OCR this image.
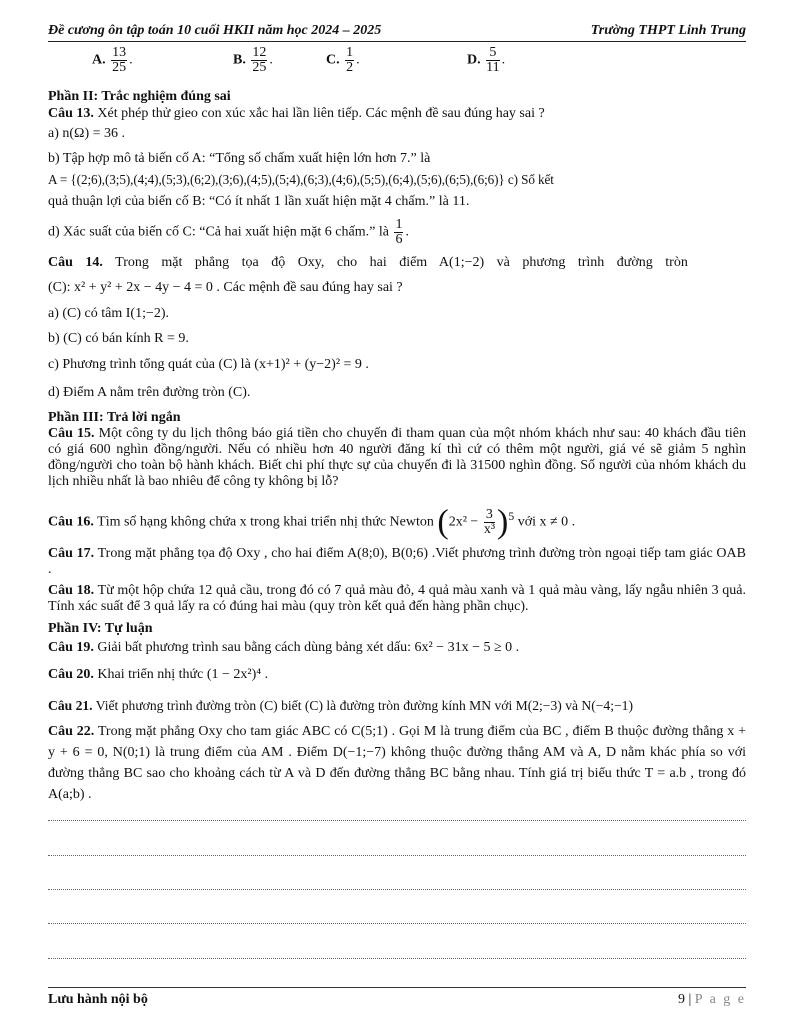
Đề cương ôn tập toán 10 cuối HKII năm học 2024 – 2025	Trường THPT Linh Trung
A. $\frac{13}{25}$ .	B. $\frac{12}{25}$ .	C. $\frac{1}{2}$ .	D. $\frac{5}{11}$ .
Phần II: Trắc nghiệm đúng sai
Câu 13. Xét phép thử gieo con xúc xắc hai lần liên tiếp. Các mệnh đề sau đúng hay sai ?
a) n(Ω) = 36 .
b) Tập hợp mô tả biến cố A: “Tổng số chấm xuất hiện lớn hơn 7.” là
A = {(2;6),(3;5),(4;4),(5;3),(6;2),(3;6),(4;5),(5;4),(6;3),(4;6),(5;5),(6;4),(5;6),(6;5),(6;6)} c) Số kết
quả thuận lợi của biến cố B: “Có ít nhất 1 lần xuất hiện mặt 4 chấm.” là 11.
d) Xác suất của biến cố C: “Cả hai xuất hiện mặt 6 chấm.” là $\frac{1}{6}$ .
Câu 14. Trong mặt phẳng tọa độ Oxy, cho hai điểm A(1;−2) và phương trình đường tròn
(C): x² + y² + 2x − 4y − 4 = 0 . Các mệnh đề sau đúng hay sai ?
a) (C) có tâm I(1;−2).
b) (C) có bán kính R = 9.
c) Phương trình tổng quát của (C) là (x+1)² + (y−2)² = 9 .
d) Điểm A nằm trên đường tròn (C).
Phần III: Trả lời ngắn
Câu 15. Một công ty du lịch thông báo giá tiền cho chuyến đi tham quan của một nhóm khách như sau: 40 khách đầu tiên có giá 600 nghìn đồng/người. Nếu có nhiều hơn 40 người đăng kí thì cứ có thêm một người, giá vé sẽ giảm 5 nghìn đồng/người cho toàn bộ hành khách. Biết chi phí thực sự của chuyến đi là 31500 nghìn đồng. Số người của nhóm khách du lịch nhiều nhất là bao nhiêu để công ty không bị lỗ?
Câu 16. Tìm số hạng không chứa x trong khai triển nhị thức Newton $(2x^2 - \frac{3}{\text{x³}} )^5$ với x ≠ 0 .
Câu 17. Trong mặt phẳng tọa độ Oxy , cho hai điểm A(8;0), B(0;6) .Viết phương trình đường tròn ngoại tiếp tam giác OAB .
Câu 18. Từ một hộp chứa 12 quả cầu, trong đó có 7 quả màu đỏ, 4 quả màu xanh và 1 quả màu vàng, lấy ngẫu nhiên 3 quả. Tính xác suất để 3 quả lấy ra có đúng hai màu (quy tròn kết quả đến hàng phần chục).
Phần IV: Tự luận
Câu 19. Giải bất phương trình sau bằng cách dùng bảng xét dấu: 6x² − 31x − 5 ≥ 0 .
Câu 20. Khai triển nhị thức (1 − 2x²)⁴ .
Câu 21. Viết phương trình đường tròn (C) biết (C) là đường tròn đường kính MN với M(2;−3) và N(−4;−1)
Câu 22. Trong mặt phẳng Oxy cho tam giác ABC có C(5;1) . Gọi M là trung điểm của BC , điểm B thuộc đường thẳng x + y + 6 = 0, N(0;1) là trung điểm của AM . Điểm D(−1;−7) không thuộc đường thẳng AM và A, D nằm khác phía so với đường thẳng BC sao cho khoảng cách từ A và D đến đường thẳng BC bằng nhau. Tính giá trị biểu thức T = a.b , trong đó A(a;b) .
Lưu hành nội bộ	9 | P a g e
